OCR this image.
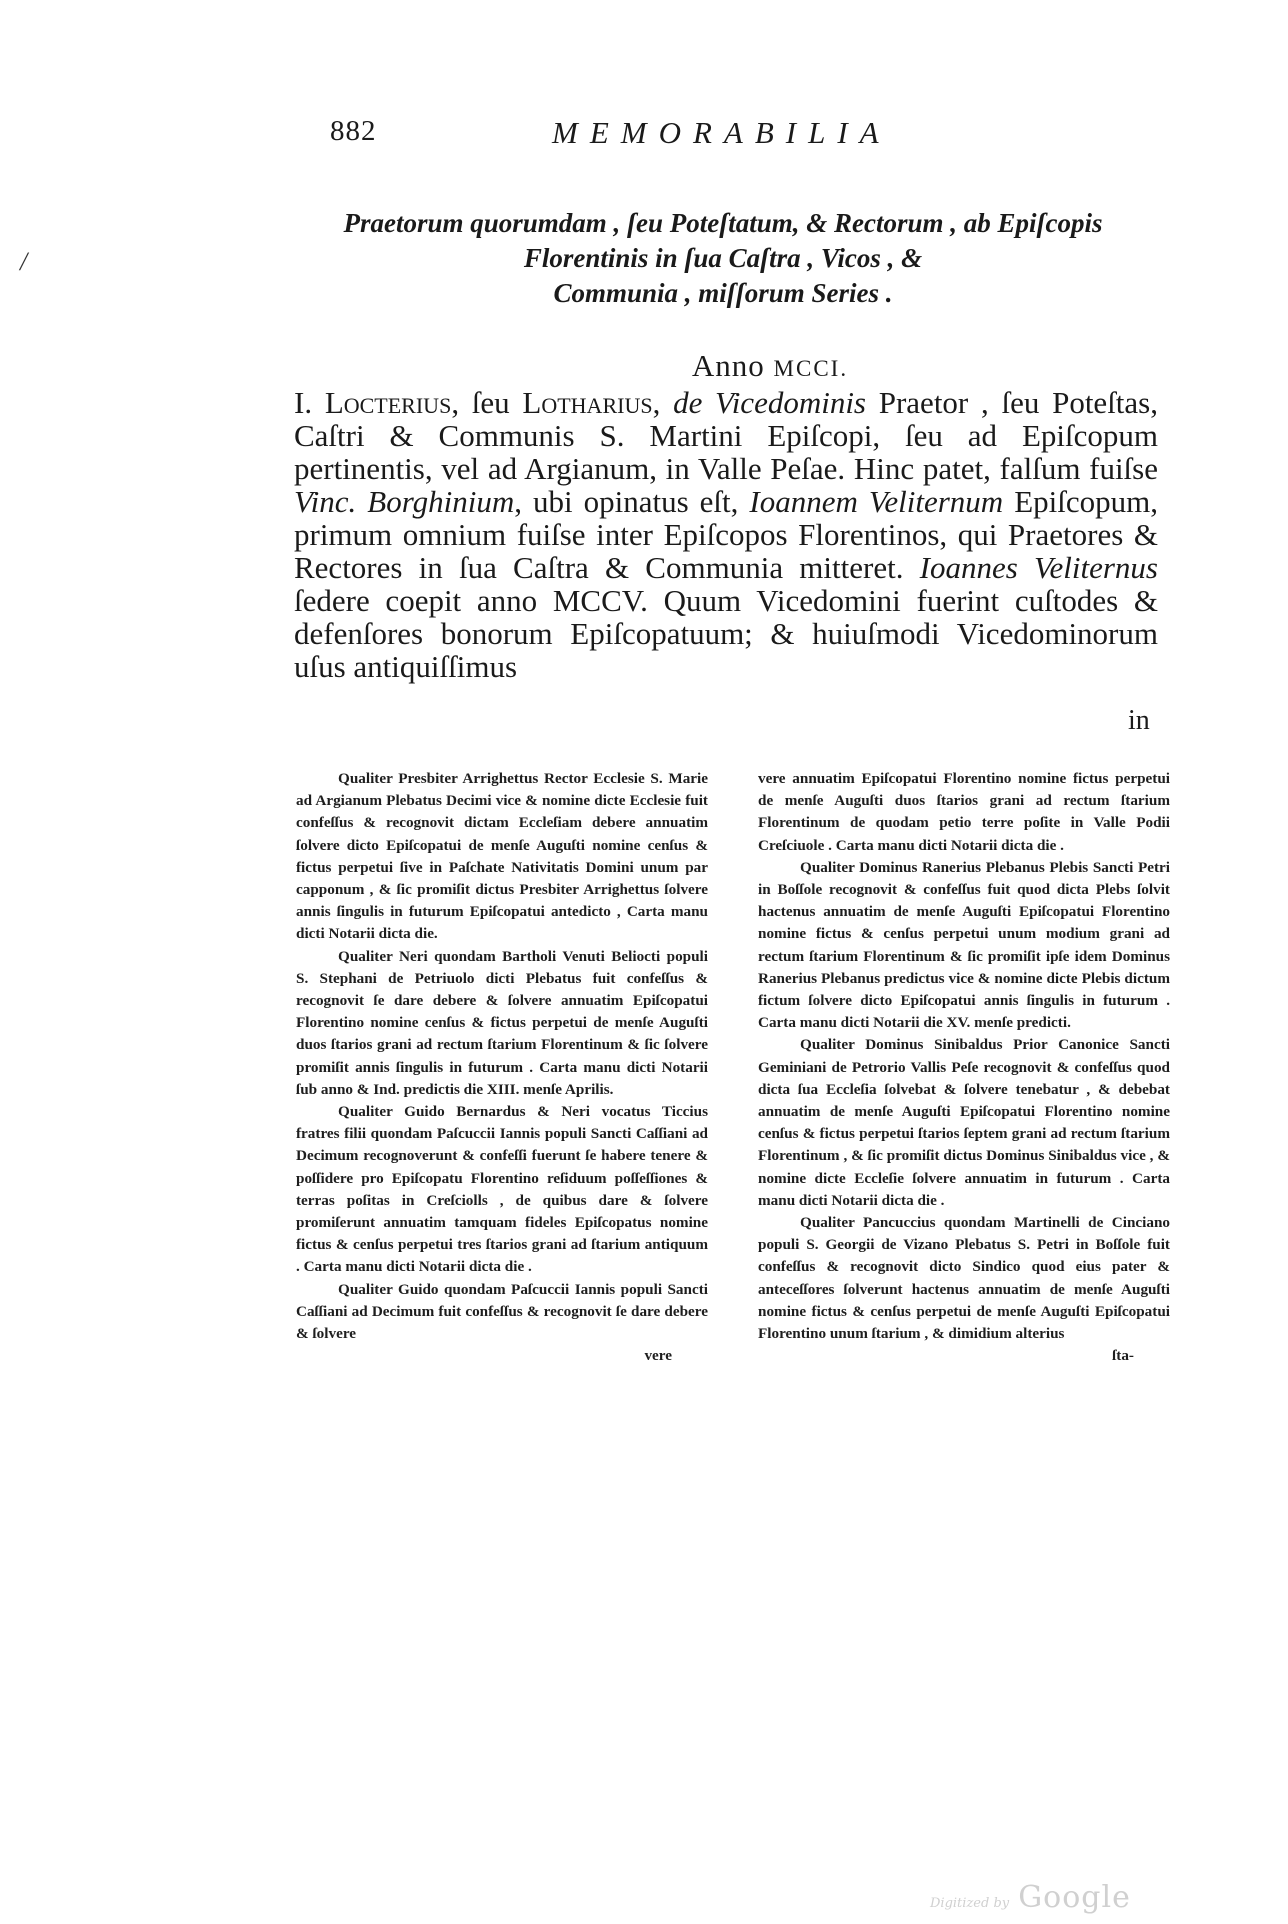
/
882	MEMORABILIA
Praetorum quorumdam , ſeu Poteſtatum, & Rectorum , ab Epiſcopis
Florentinis in ſua Caſtra , Vicos , &
Communia , miſſorum Series .
Anno MCCI.
I. Locterius, ſeu Lotharius, de Vicedominis Praetor , ſeu Poteſtas, Caſtri & Communis S. Martini Epiſcopi, ſeu ad Epiſcopum pertinentis, vel ad Argianum, in Valle Peſae. Hinc patet, falſum fuiſse Vinc. Borghinium, ubi opinatus eſt, Ioannem Veliternum Epiſcopum, primum omnium fuiſse inter Epiſcopos Florentinos, qui Praetores & Rectores in ſua Caſtra & Communia mitteret. Ioannes Veliternus ſedere coepit anno MCCV. Quum Vicedomini fuerint cuſtodes & defenſores bonorum Epiſcopatuum; & huiuſmodi Vicedominorum uſus antiquiſſimus
in

Qualiter Presbiter Arrighettus Rector Ecclesie S. Marie ad Argianum Plebatus Decimi vice & nomine dicte Ecclesie fuit confeſſus & recognovit dictam Eccleſiam debere annuatim ſolvere dicto Epiſcopatui de menſe Auguſti nomine cenſus & fictus perpetui ſive in Paſchate Nativitatis Domini unum par capponum , & ſic promiſit dictus Presbiter Arrighettus ſolvere annis ſingulis in futurum Epiſcopatui antedicto , Carta manu dicti Notarii dicta die.

Qualiter Neri quondam Bartholi Venuti Beliocti populi S. Stephani de Petriuolo dicti Plebatus fuit confeſſus & recognovit ſe dare debere & ſolvere annuatim Epiſcopatui Florentino nomine cenſus & fictus perpetui de menſe Auguſti duos ſtarios grani ad rectum ſtarium Florentinum & ſic ſolvere promiſit annis ſingulis in futurum . Carta manu dicti Notarii ſub anno & Ind. predictis die XIII. menſe Aprilis.

Qualiter Guido Bernardus & Neri vocatus Ticcius fratres filii quondam Paſcuccii Iannis populi Sancti Caſſiani ad Decimum recognoverunt & confeſſi fuerunt ſe habere tenere & poſſidere pro Epiſcopatu Florentino reſiduum poſſeſſiones & terras poſitas in Creſciolls , de quibus dare & ſolvere promiſerunt annuatim tamquam fideles Epiſcopatus nomine fictus & cenſus perpetui tres ſtarios grani ad ſtarium antiquum . Carta manu dicti Notarii dicta die .

Qualiter Guido quondam Paſcuccii Iannis populi Sancti Caſſiani ad Decimum fuit confeſſus & recognovit ſe dare debere & ſolvere

vere

vere annuatim Epiſcopatui Florentino nomine fictus perpetui de menſe Auguſti duos ſtarios grani ad rectum ſtarium Florentinum de quodam petio terre poſite in Valle Podii Creſciuole . Carta manu dicti Notarii dicta die .

Qualiter Dominus Ranerius Plebanus Plebis Sancti Petri in Boſſole recognovit & confeſſus fuit quod dicta Plebs ſolvit hactenus annuatim de menſe Auguſti Epiſcopatui Florentino nomine fictus & cenſus perpetui unum modium grani ad rectum ſtarium Florentinum & ſic promiſit ipſe idem Dominus Ranerius Plebanus predictus vice & nomine dicte Plebis dictum fictum ſolvere dicto Epiſcopatui annis ſingulis in futurum . Carta manu dicti Notarii die XV. menſe predicti.

Qualiter Dominus Sinibaldus Prior Canonice Sancti Geminiani de Petrorio Vallis Peſe recognovit & confeſſus quod dicta ſua Eccleſia ſolvebat & ſolvere tenebatur , & debebat annuatim de menſe Auguſti Epiſcopatui Florentino nomine cenſus & fictus perpetui ſtarios ſeptem grani ad rectum ſtarium Florentinum , & ſic promiſit dictus Dominus Sinibaldus vice , & nomine dicte Eccleſie ſolvere annuatim in futurum . Carta manu dicti Notarii dicta die .

Qualiter Pancuccius quondam Martinelli de Cinciano populi S. Georgii de Vizano Plebatus S. Petri in Boſſole fuit confeſſus & recognovit dicto Sindico quod eius pater & anteceſſores ſolverunt hactenus annuatim de menſe Auguſti nomine fictus & cenſus perpetui de menſe Auguſti Epiſcopatui Florentino unum ſtarium , & dimidium alterius

ſta-

Digitized by Google
